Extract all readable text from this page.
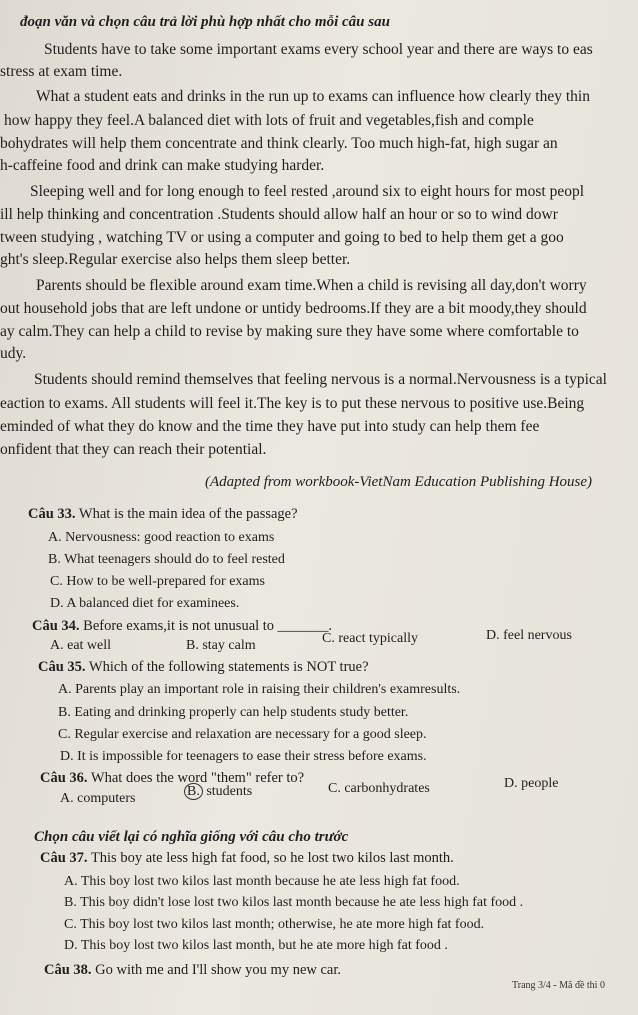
đoạn văn và chọn câu trả lời phù hợp nhất cho mỗi câu sau
Students have to take some important exams every school year and there are ways to eas
stress at exam time.
What a student eats and drinks in the run up to exams can influence how clearly they thin
how happy they feel.A balanced diet with lots of fruit and vegetables,fish and comple
bohydrates will help them concentrate and think clearly. Too much high-fat, high sugar an
h-caffeine food and drink can make studying harder.
Sleeping well and for long enough to feel rested ,around six to eight hours for most peopl
ill help thinking and concentration .Students should allow half an hour or so to wind dowr
tween studying , watching TV or using a computer and going to bed to help them get a goo
ght's sleep.Regular exercise also helps them sleep better.
Parents should be flexible around exam time.When a child is revising all day,don't worry
out household jobs that are left undone or untidy bedrooms.If they are a bit moody,they should
ay calm.They can help a child to revise by making sure they have some where comfortable to
udy.
Students should remind themselves that feeling nervous is a normal.Nervousness is a typical
eaction to exams. All students will feel it.The key is to put these nervous to positive use.Being
eminded of what they do know and the time they have put into study can help them fee
onfident that they can reach their potential.
(Adapted from workbook-VietNam Education Publishing House)
Câu 33. What is the main idea of the passage?
A. Nervousness: good reaction to exams
B. What teenagers should do to feel rested
C. How to be well-prepared for exams
D. A balanced diet for examinees.
Câu 34. Before exams,it is not unusual to _______.
A. eat well	B. stay calm	C. react typically	D. feel nervous
Câu 35. Which of the following statements is NOT true?
A. Parents play an important role in raising their children's examresults.
B. Eating and drinking properly can help students study better.
C. Regular exercise and relaxation are necessary for a good sleep.
D. It is impossible for teenagers to ease their stress before exams.
Câu 36. What does the word "them" refer to?
A. computers	B. students	C. carbonhydrates	D. people
Chọn câu viết lại có nghĩa giống với câu cho trước
Câu 37. This boy ate less high fat food, so he lost two kilos last month.
A. This boy lost two kilos last month because he ate less high fat food.
B. This boy didn't lose lost two kilos last month because he ate less high fat food .
C. This boy lost two kilos last month; otherwise, he ate more high fat food.
D. This boy lost two kilos last month, but he ate more high fat food .
Câu 38. Go with me and I'll show you my new car.
Trang 3/4 - Mã đề thi 0
